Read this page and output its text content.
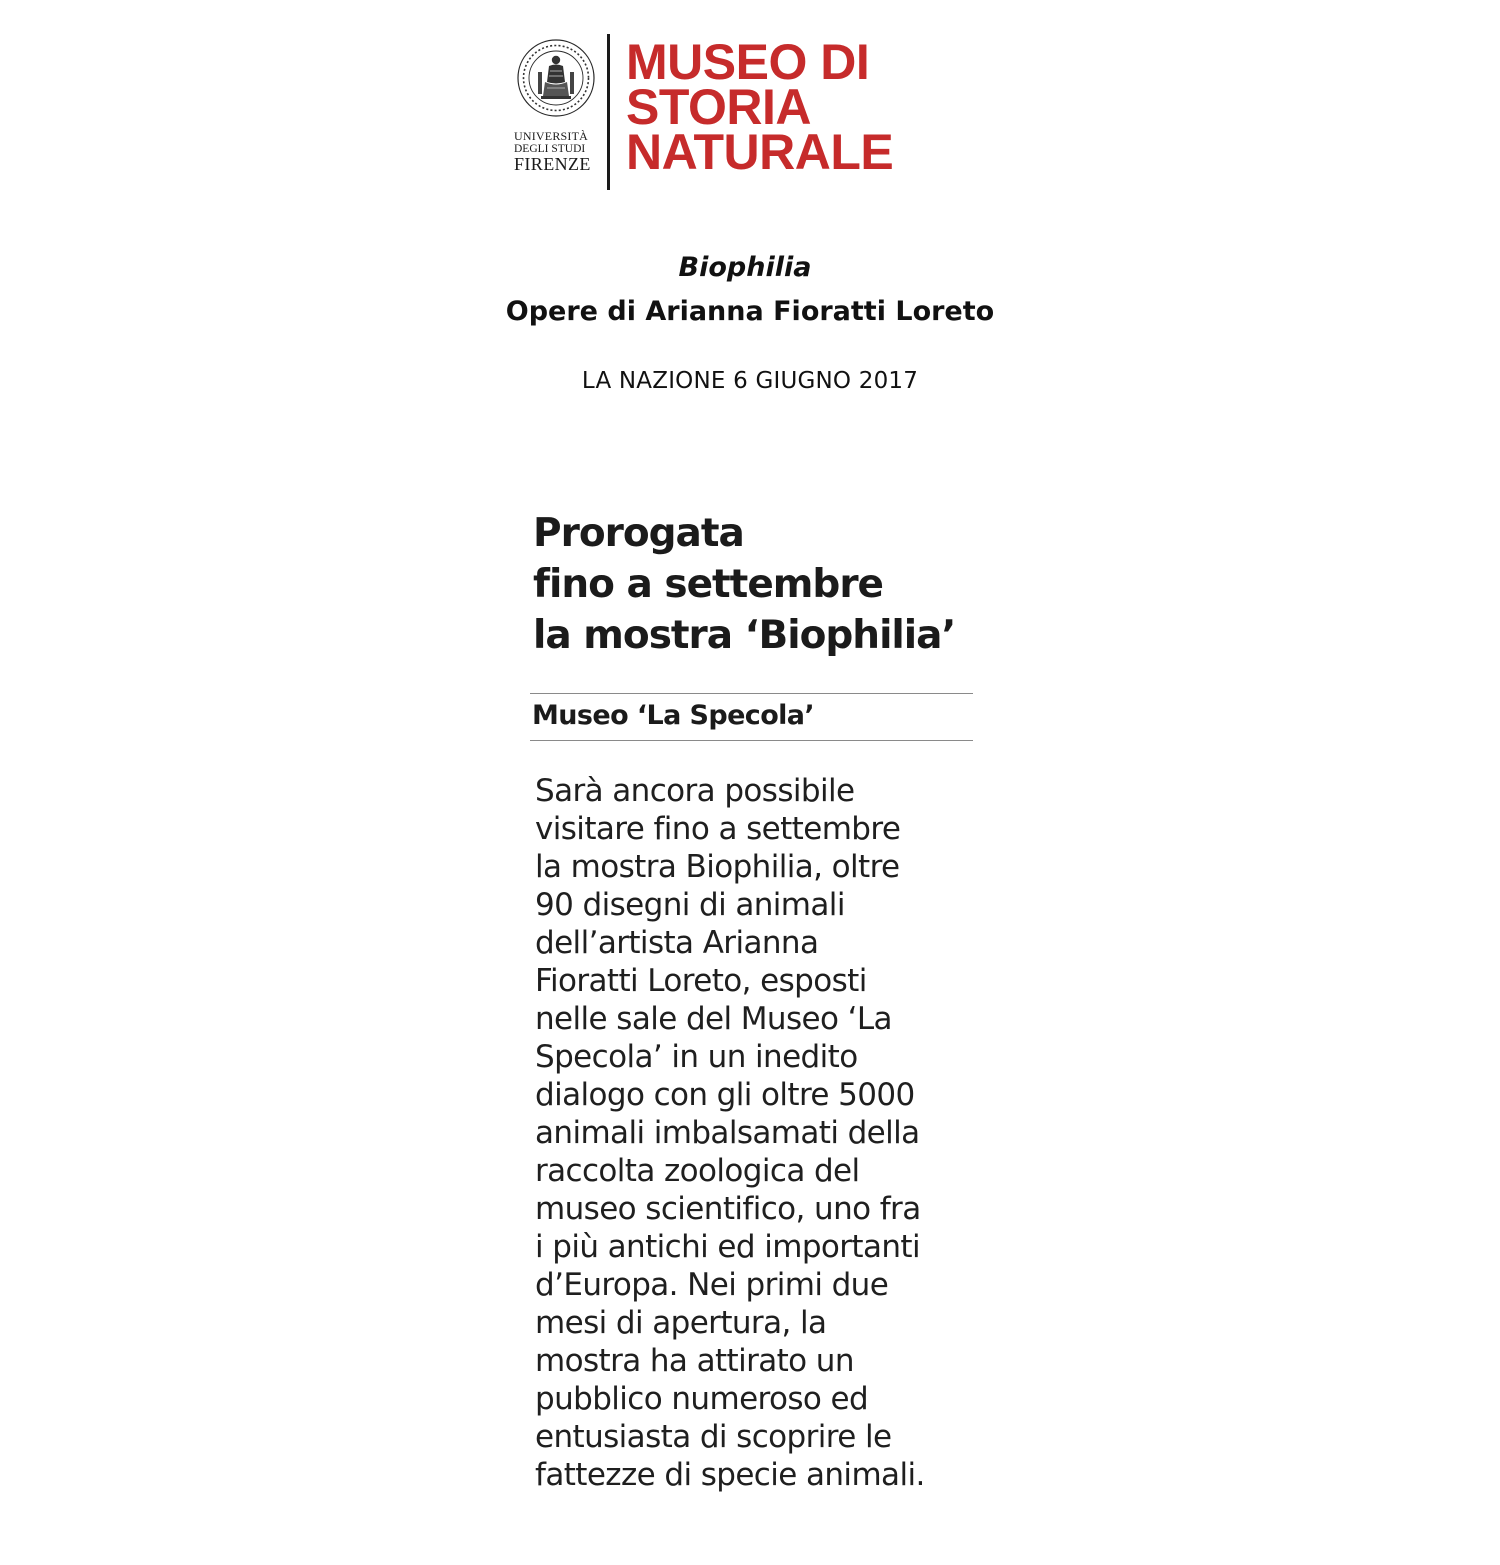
UNIVERSITÀ
DEGLI STUDI
FIRENZE
MUSEO DI
STORIA
NATURALE
Biophilia
Opere di Arianna Fioratti Loreto
LA NAZIONE 6 GIUGNO 2017
Prorogata
fino a settembre
la mostra ‘Biophilia’
Museo ‘La Specola’
Sarà ancora possibile
visitare fino a settembre
la mostra Biophilia, oltre
90 disegni di animali
dell’artista Arianna
Fioratti Loreto, esposti
nelle sale del Museo ‘La
Specola’ in un inedito
dialogo con gli oltre 5000
animali imbalsamati della
raccolta zoologica del
museo scientifico, uno fra
i più antichi ed importanti
d’Europa. Nei primi due
mesi di apertura, la
mostra ha attirato un
pubblico numeroso ed
entusiasta di scoprire le
fattezze di specie animali.
